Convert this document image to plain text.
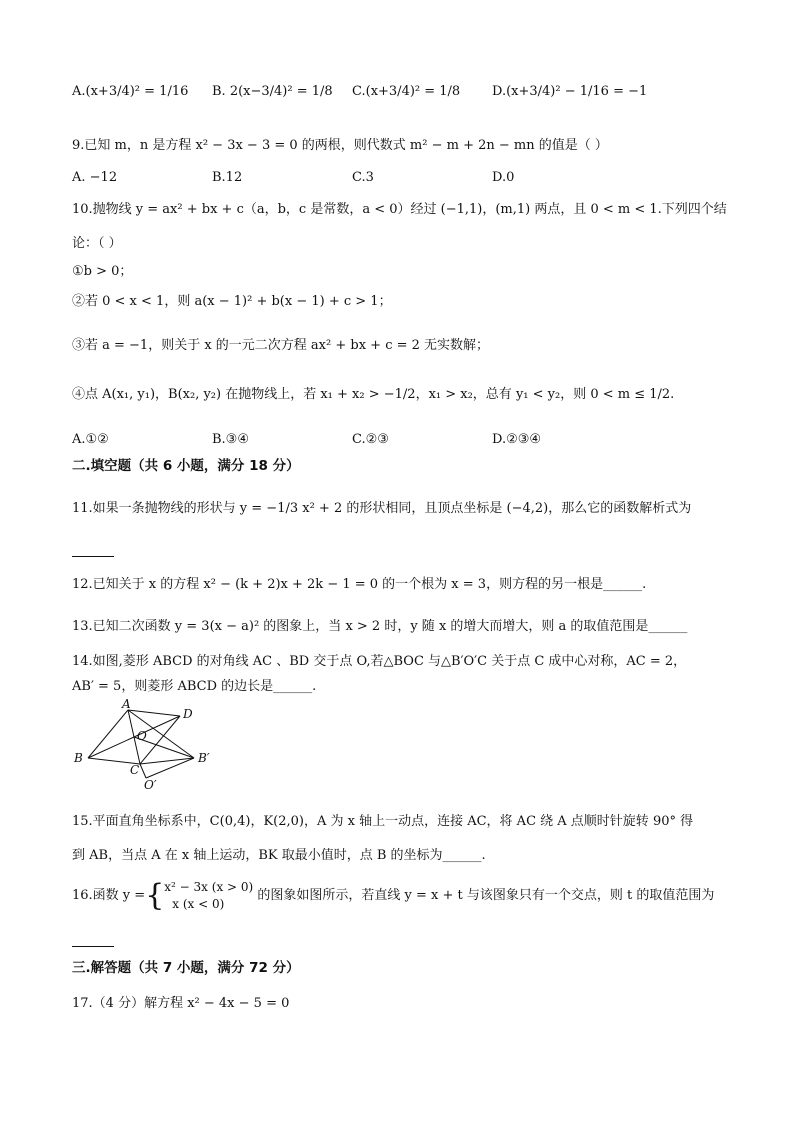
A.(x+3/4)² = 1/16 B. 2(x−3/4)² = 1/8 C.(x+3/4)² = 1/8 D.(x+3/4)² − 1/16 = −1
9.已知 m，n 是方程 x² − 3x − 3 = 0 的两根，则代数式 m² − m + 2n − mn 的值是（ ）
A. −12	B.12	C.3	D.0
10.抛物线 y = ax² + bx + c（a，b，c 是常数，a < 0）经过 (−1,1)，(m,1) 两点，且 0 < m < 1.下列四个结
论：（ ）
①b > 0；
②若 0 < x < 1，则 a(x − 1)² + b(x − 1) + c > 1；
③若 a = −1，则关于 x 的一元二次方程 ax² + bx + c = 2 无实数解；
④点 A(x₁, y₁)，B(x₂, y₂) 在抛物线上，若 x₁ + x₂ > −1/2，x₁ > x₂，总有 y₁ < y₂，则 0 < m ≤ 1/2.
A.①②	B.③④	C.②③	D.②③④
二.填空题（共 6 小题，满分 18 分）
11.如果一条抛物线的形状与 y = −1/3 x² + 2 的形状相同，且顶点坐标是 (−4,2)，那么它的函数解析式为
12.已知关于 x 的方程 x² − (k + 2)x + 2k − 1 = 0 的一个根为 x = 3，则方程的另一根是______.
13.已知二次函数 y = 3(x − a)² 的图象上，当 x > 2 时，y 随 x 的增大而增大，则 a 的取值范围是______
14.如图,菱形 ABCD 的对角线 AC 、BD 交于点 O,若△BOC 与△B′O′C 关于点 C 成中心对称，AC = 2，
AB′ = 5，则菱形 ABCD 的边长是______.
A
D
O
B
C
B′
O′
15.平面直角坐标系中，C(0,4)，K(2,0)，A 为 x 轴上一动点，连接 AC，将 AC 绕 A 点顺时针旋转 90° 得
到 AB，当点 A 在 x 轴上运动，BK 取最小值时，点 B 的坐标为______.
16.函数 y ={ x² − 3x (x > 0)
x (x < 0)
的图象如图所示，若直线 y = x + t 与该图象只有一个交点，则 t 的取值范围为
三.解答题（共 7 小题，满分 72 分）
17.（4 分）解方程 x² − 4x − 5 = 0
